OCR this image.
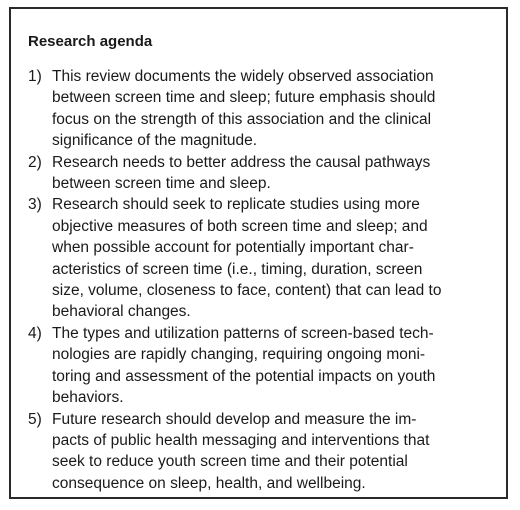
Research agenda
1) This review documents the widely observed association
between screen time and sleep; future emphasis should
focus on the strength of this association and the clinical
significance of the magnitude.
2) Research needs to better address the causal pathways
between screen time and sleep.
3) Research should seek to replicate studies using more
objective measures of both screen time and sleep; and
when possible account for potentially important char-
acteristics of screen time (i.e., timing, duration, screen
size, volume, closeness to face, content) that can lead to
behavioral changes.
4) The types and utilization patterns of screen-based tech-
nologies are rapidly changing, requiring ongoing moni-
toring and assessment of the potential impacts on youth
behaviors.
5) Future research should develop and measure the im-
pacts of public health messaging and interventions that
seek to reduce youth screen time and their potential
consequence on sleep, health, and wellbeing.
